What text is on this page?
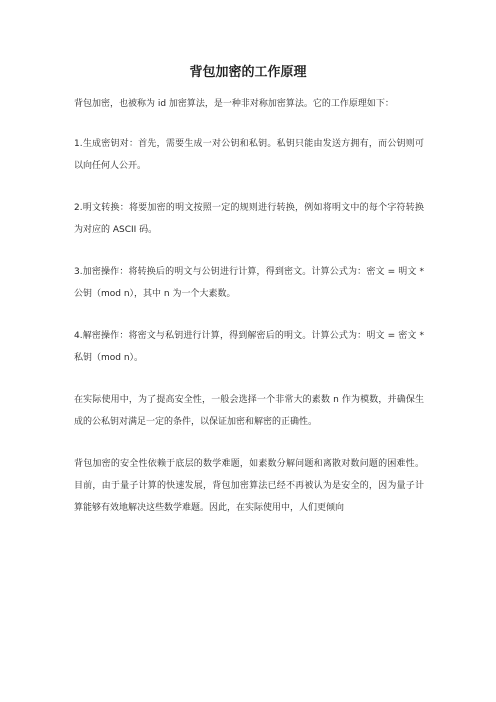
背包加密的工作原理

背包加密，也被称为 id 加密算法，是一种非对称加密算法。它的工作原理如下：

1.生成密钥对：首先，需要生成一对公钥和私钥。私钥只能由发送方拥有，而公钥则可以向任何人公开。

2.明文转换：将要加密的明文按照一定的规则进行转换，例如将明文中的每个字符转换为对应的 ASCII 码。

3.加密操作：将转换后的明文与公钥进行计算，得到密文。计算公式为：密文 = 明文 * 公钥（mod n），其中 n 为一个大素数。

4.解密操作：将密文与私钥进行计算，得到解密后的明文。计算公式为：明文 = 密文 * 私钥（mod n）。

在实际使用中，为了提高安全性，一般会选择一个非常大的素数 n 作为模数，并确保生成的公私钥对满足一定的条件，以保证加密和解密的正确性。

背包加密的安全性依赖于底层的数学难题，如素数分解问题和离散对数问题的困难性。目前，由于量子计算的快速发展，背包加密算法已经不再被认为是安全的，因为量子计算能够有效地解决这些数学难题。因此，在实际使用中，人们更倾向
